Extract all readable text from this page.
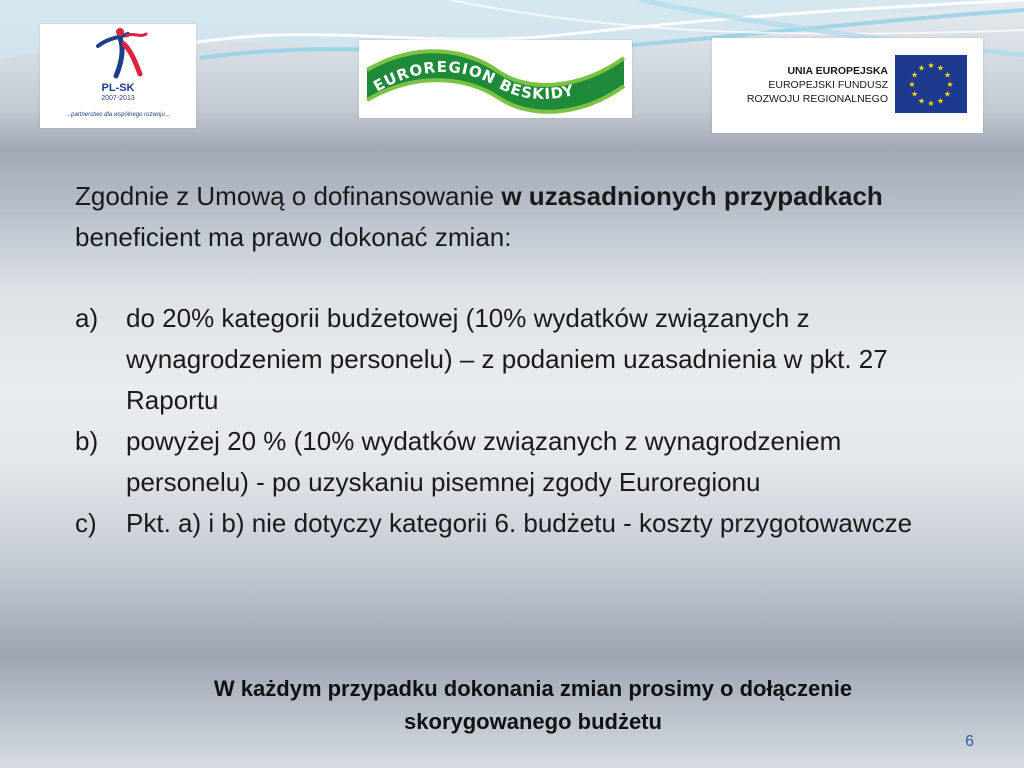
PL-SK
2007-2013
...partnerstwo dla wspólnego rozwoju...
EUROREGION BESKIDY
UNIA EUROPEJSKA
EUROPEJSKI FUNDUSZ
ROZWOJU REGIONALNEGO
★ ★
★
★
★
★
★
★
★
★
★
★

Zgodnie z Umową o dofinansowanie w uzasadnionych przypadkach beneficient ma prawo dokonać zmian:

a) do 20% kategorii budżetowej (10% wydatków związanych z wynagrodzeniem personelu) – z podaniem uzasadnienia w pkt. 27 Raportu
b) powyżej 20 % (10% wydatków związanych z wynagrodzeniem personelu) - po uzyskaniu pisemnej zgody Euroregionu
c) Pkt. a) i b) nie dotyczy kategorii 6. budżetu - koszty przygotowawcze
W każdym przypadku dokonania zmian prosimy o dołączenie
skorygowanego budżetu
6
